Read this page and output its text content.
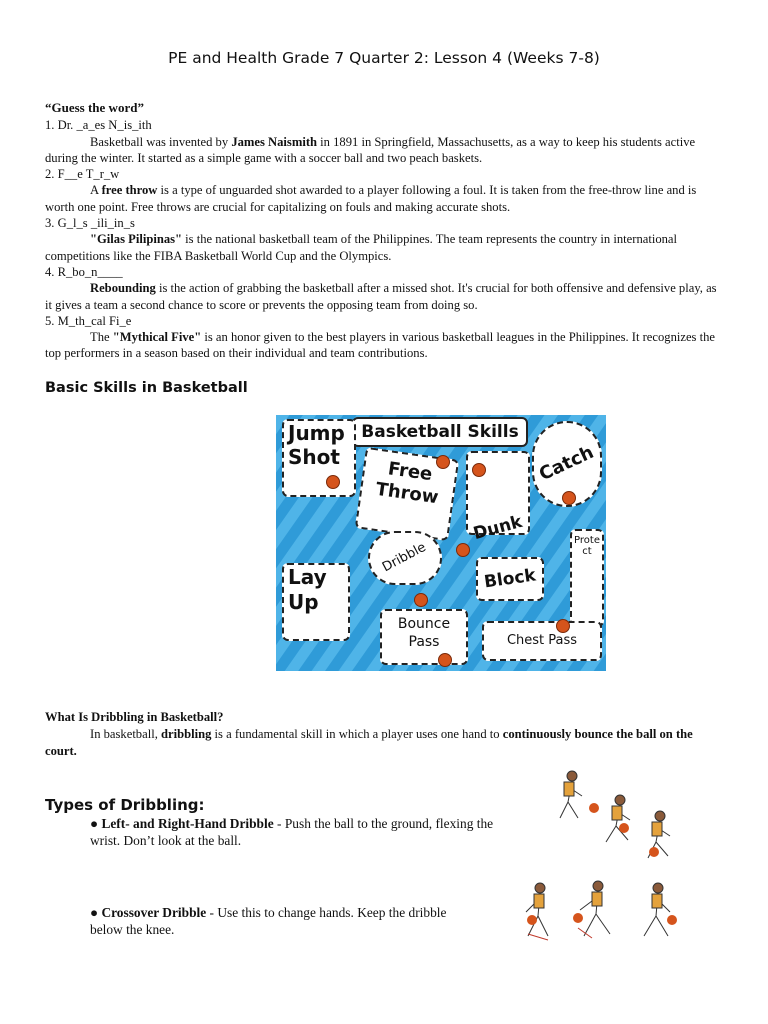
PE and Health Grade 7 Quarter 2: Lesson 4 (Weeks 7-8)
“Guess the word”
1. Dr. _a_es N_is_ith
Basketball was invented by James Naismith in 1891 in Springfield, Massachusetts, as a way to keep his students active during the winter. It started as a simple game with a soccer ball and two peach baskets.
2. F__e T_r_w
A free throw is a type of unguarded shot awarded to a player following a foul. It is taken from the free-throw line and is worth one point. Free throws are crucial for capitalizing on fouls and making accurate shots.
3. G_l_s _ili_in_s
"Gilas Pilipinas" is the national basketball team of the Philippines. The team represents the country in international competitions like the FIBA Basketball World Cup and the Olympics.
4. R_bo_n____
Rebounding is the action of grabbing the basketball after a missed shot. It's crucial for both offensive and defensive play, as it gives a team a second chance to score or prevents the opposing team from doing so.
5. M_th_cal Fi_e
The "Mythical Five" is an honor given to the best players in various basketball leagues in the Philippines. It recognizes the top performers in a season based on their individual and team contributions.
Basic Skills in Basketball
Basketball Skills
Jump
Shot
Free
Throw
Catch
Dunk
Dribble	Protect
Lay
Up
Block
Bounce
Pass	Chest Pass
What Is Dribbling in Basketball?
In basketball, dribbling is a fundamental skill in which a player uses one hand to continuously bounce the ball on the court.
Types of Dribbling:
● Left- and Right-Hand Dribble - Push the ball to the ground, flexing the
wrist. Don’t look at the ball.
● Crossover Dribble - Use this to change hands. Keep the dribble
below the knee.
